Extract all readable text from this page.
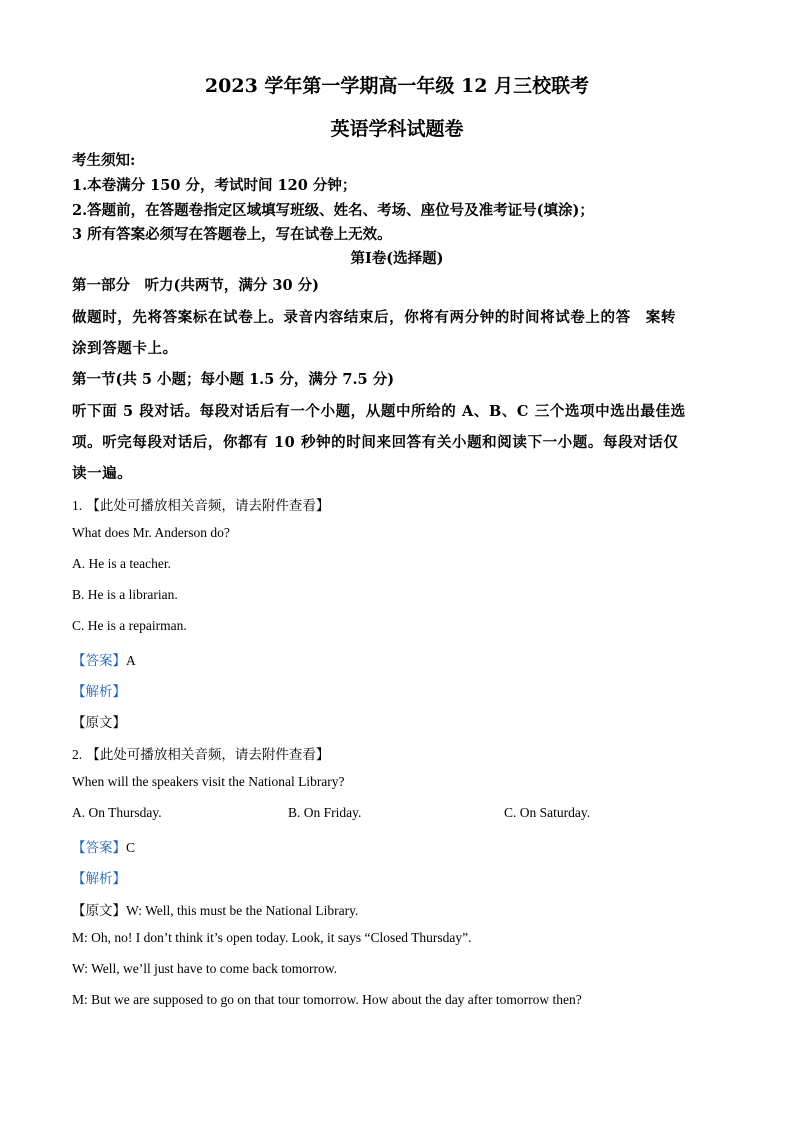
2023 学年第一学期高一年级 12 月三校联考
英语学科试题卷
考生须知:
1.本卷满分 150 分，考试时间 120 分钟；
2.答题前，在答题卷指定区域填写班级、姓名、考场、座位号及准考证号(填涂)；
3 所有答案必须写在答题卷上，写在试卷上无效。
第Ⅰ卷(选择题)
第一部分　听力(共两节，满分 30 分)
做题时，先将答案标在试卷上。录音内容结束后，你将有两分钟的时间将试卷上的答　案转
涂到答题卡上。
第一节(共 5 小题；每小题 1.5 分，满分 7.5 分)
听下面 5 段对话。每段对话后有一个小题，从题中所给的 A、B、C 三个选项中选出最佳选
项。听完每段对话后，你都有 10 秒钟的时间来回答有关小题和阅读下一小题。每段对话仅
读一遍。
1. 【此处可播放相关音频，请去附件查看】
What does Mr. Anderson do?
A. He is a teacher.
B. He is a librarian.
C. He is a repairman.
【答案】A
【解析】
【原文】
2. 【此处可播放相关音频，请去附件查看】
When will the speakers visit the National Library?
A. On Thursday.	B. On Friday.	C. On Saturday.
【答案】C
【解析】
【原文】W: Well, this must be the National Library.
M: Oh, no! I don’t think it’s open today. Look, it says “Closed Thursday”.
W: Well, we’ll just have to come back tomorrow.
M: But we are supposed to go on that tour tomorrow. How about the day after tomorrow then?
